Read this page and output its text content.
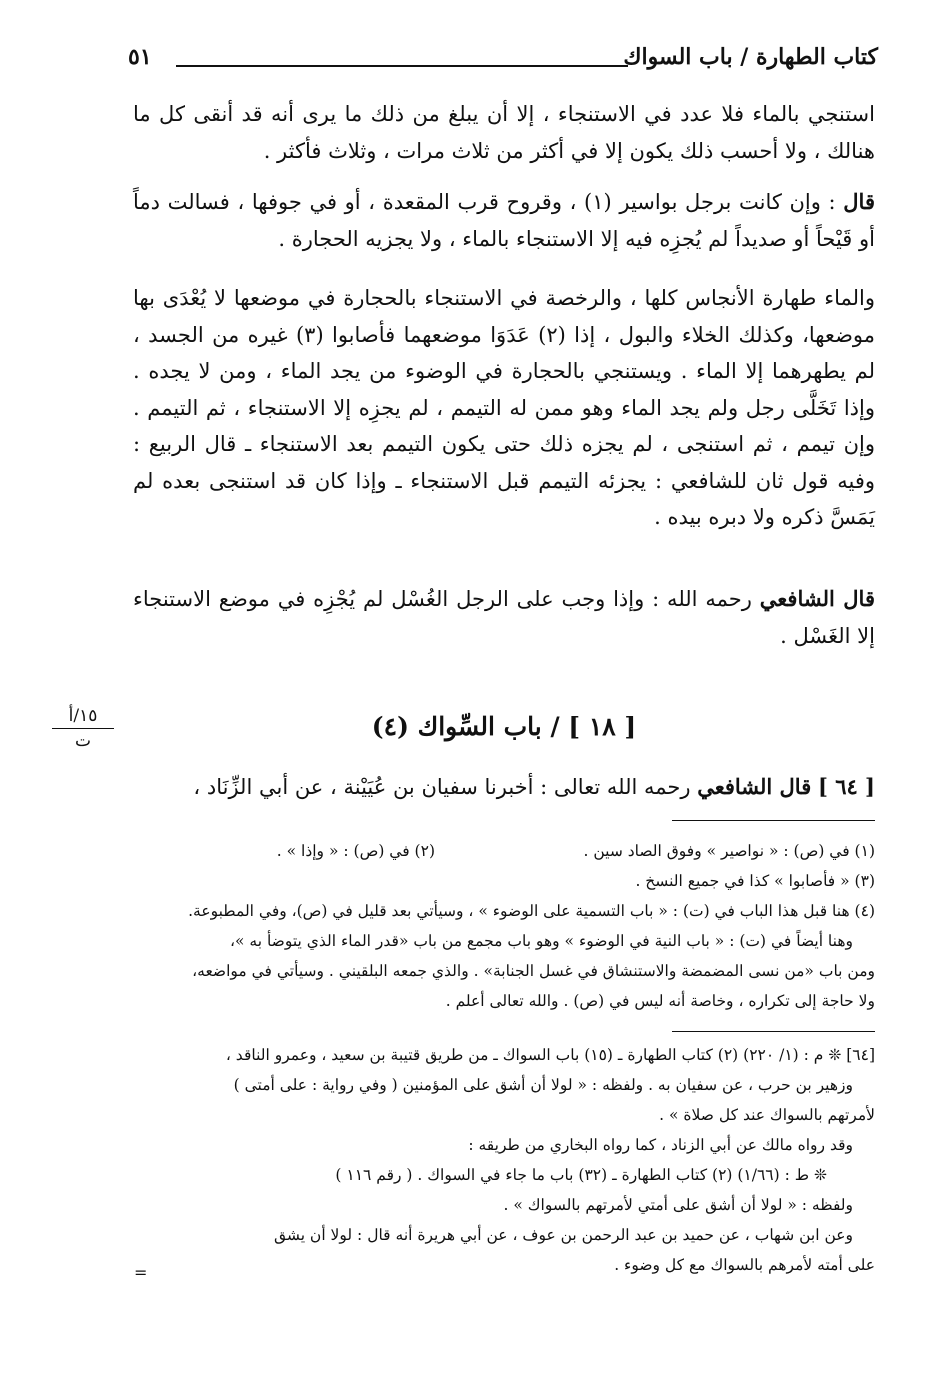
كتاب الطهارة / باب السواك
٥١
استنجي بالماء فلا عدد في الاستنجاء ، إلا أن يبلغ من ذلك ما يرى أنه قد أنقى كل ما هنالك ، ولا أحسب ذلك يكون إلا في أكثر من ثلاث مرات ، وثلاث فأكثر .
قال : وإن كانت برجل بواسير (١) ، وقروح قرب المقعدة ، أو في جوفها ، فسالت دماً أو قَيْحاً أو صديداً لم يُجزِه فيه إلا الاستنجاء بالماء ، ولا يجزيه الحجارة .
والماء طهارة الأنجاس كلها ، والرخصة في الاستنجاء بالحجارة في موضعها لا يُعْدَى بها موضعها، وكذلك الخلاء والبول ، إذا (٢) عَدَوَا موضعهما فأصابوا (٣) غيره من الجسد ، لم يطهرهما إلا الماء . ويستنجي بالحجارة في الوضوء من يجد الماء ، ومن لا يجده . وإذا تَخَلَّى رجل ولم يجد الماء وهو ممن له التيمم ، لم يجزِه إلا الاستنجاء ، ثم التيمم . وإن تيمم ، ثم استنجى ، لم يجزه ذلك حتى يكون التيمم بعد الاستنجاء ـ قال الربيع : وفيه قول ثان للشافعي : يجزئه التيمم قبل الاستنجاء ـ وإذا كان قد استنجى بعده لم يَمَسَّ ذكره ولا دبره بيده .
قال الشافعي رحمه الله : وإذا وجب على الرجل الغُسْل لم يُجْزِه في موضع الاستنجاء إلا الغَسْل .
١٥/أ
ت	[ ١٨ ] / باب السِّواك (٤)
[ ٦٤ ] قال الشافعي رحمه الله تعالى : أخبرنا سفيان بن عُيَيْنة ، عن أبي الزِّنَاد ،
(١) في (ص) : « نواصير » وفوق الصاد سين .
(٢) في (ص) : « وإذا » .
(٣) « فأصابوا » كذا في جميع النسخ .
(٤) هنا قبل هذا الباب في (ت) : « باب التسمية على الوضوء » ، وسيأتي بعد قليل في (ص)، وفي المطبوعة.
وهنا أيضاً في (ت) : « باب النية في الوضوء » وهو باب مجمع من باب «قدر الماء الذي يتوضأ به »،
ومن باب «من نسى المضمضة والاستنشاق في غسل الجنابة» . والذي جمعه البلقيني . وسيأتي في مواضعه،
ولا حاجة إلى تكراره ، وخاصة أنه ليس في (ص) . والله تعالى أعلم .
[٦٤] ❊ م : (١/ ٢٢٠) (٢) كتاب الطهارة ـ (١٥) باب السواك ـ من طريق قتيبة بن سعيد ، وعمرو الناقد ،
وزهير بن حرب ، عن سفيان به . ولفظه : « لولا أن أشق على المؤمنين ( وفي رواية : على أمتى )
لأمرتهم بالسواك عند كل صلاة » .
وقد رواه مالك عن أبي الزناد ، كما رواه البخاري من طريقه :
❊ ط : (١/٦٦) (٢) كتاب الطهارة ـ (٣٢) باب ما جاء في السواك . ( رقم ١١٦ )
ولفظه : « لولا أن أشق على أمتي لأمرتهم بالسواك » .
وعن ابن شهاب ، عن حميد بن عبد الرحمن بن عوف ، عن أبي هريرة أنه قال : لولا أن يشق
على أمته لأمرهم بالسواك مع كل وضوء .
=
